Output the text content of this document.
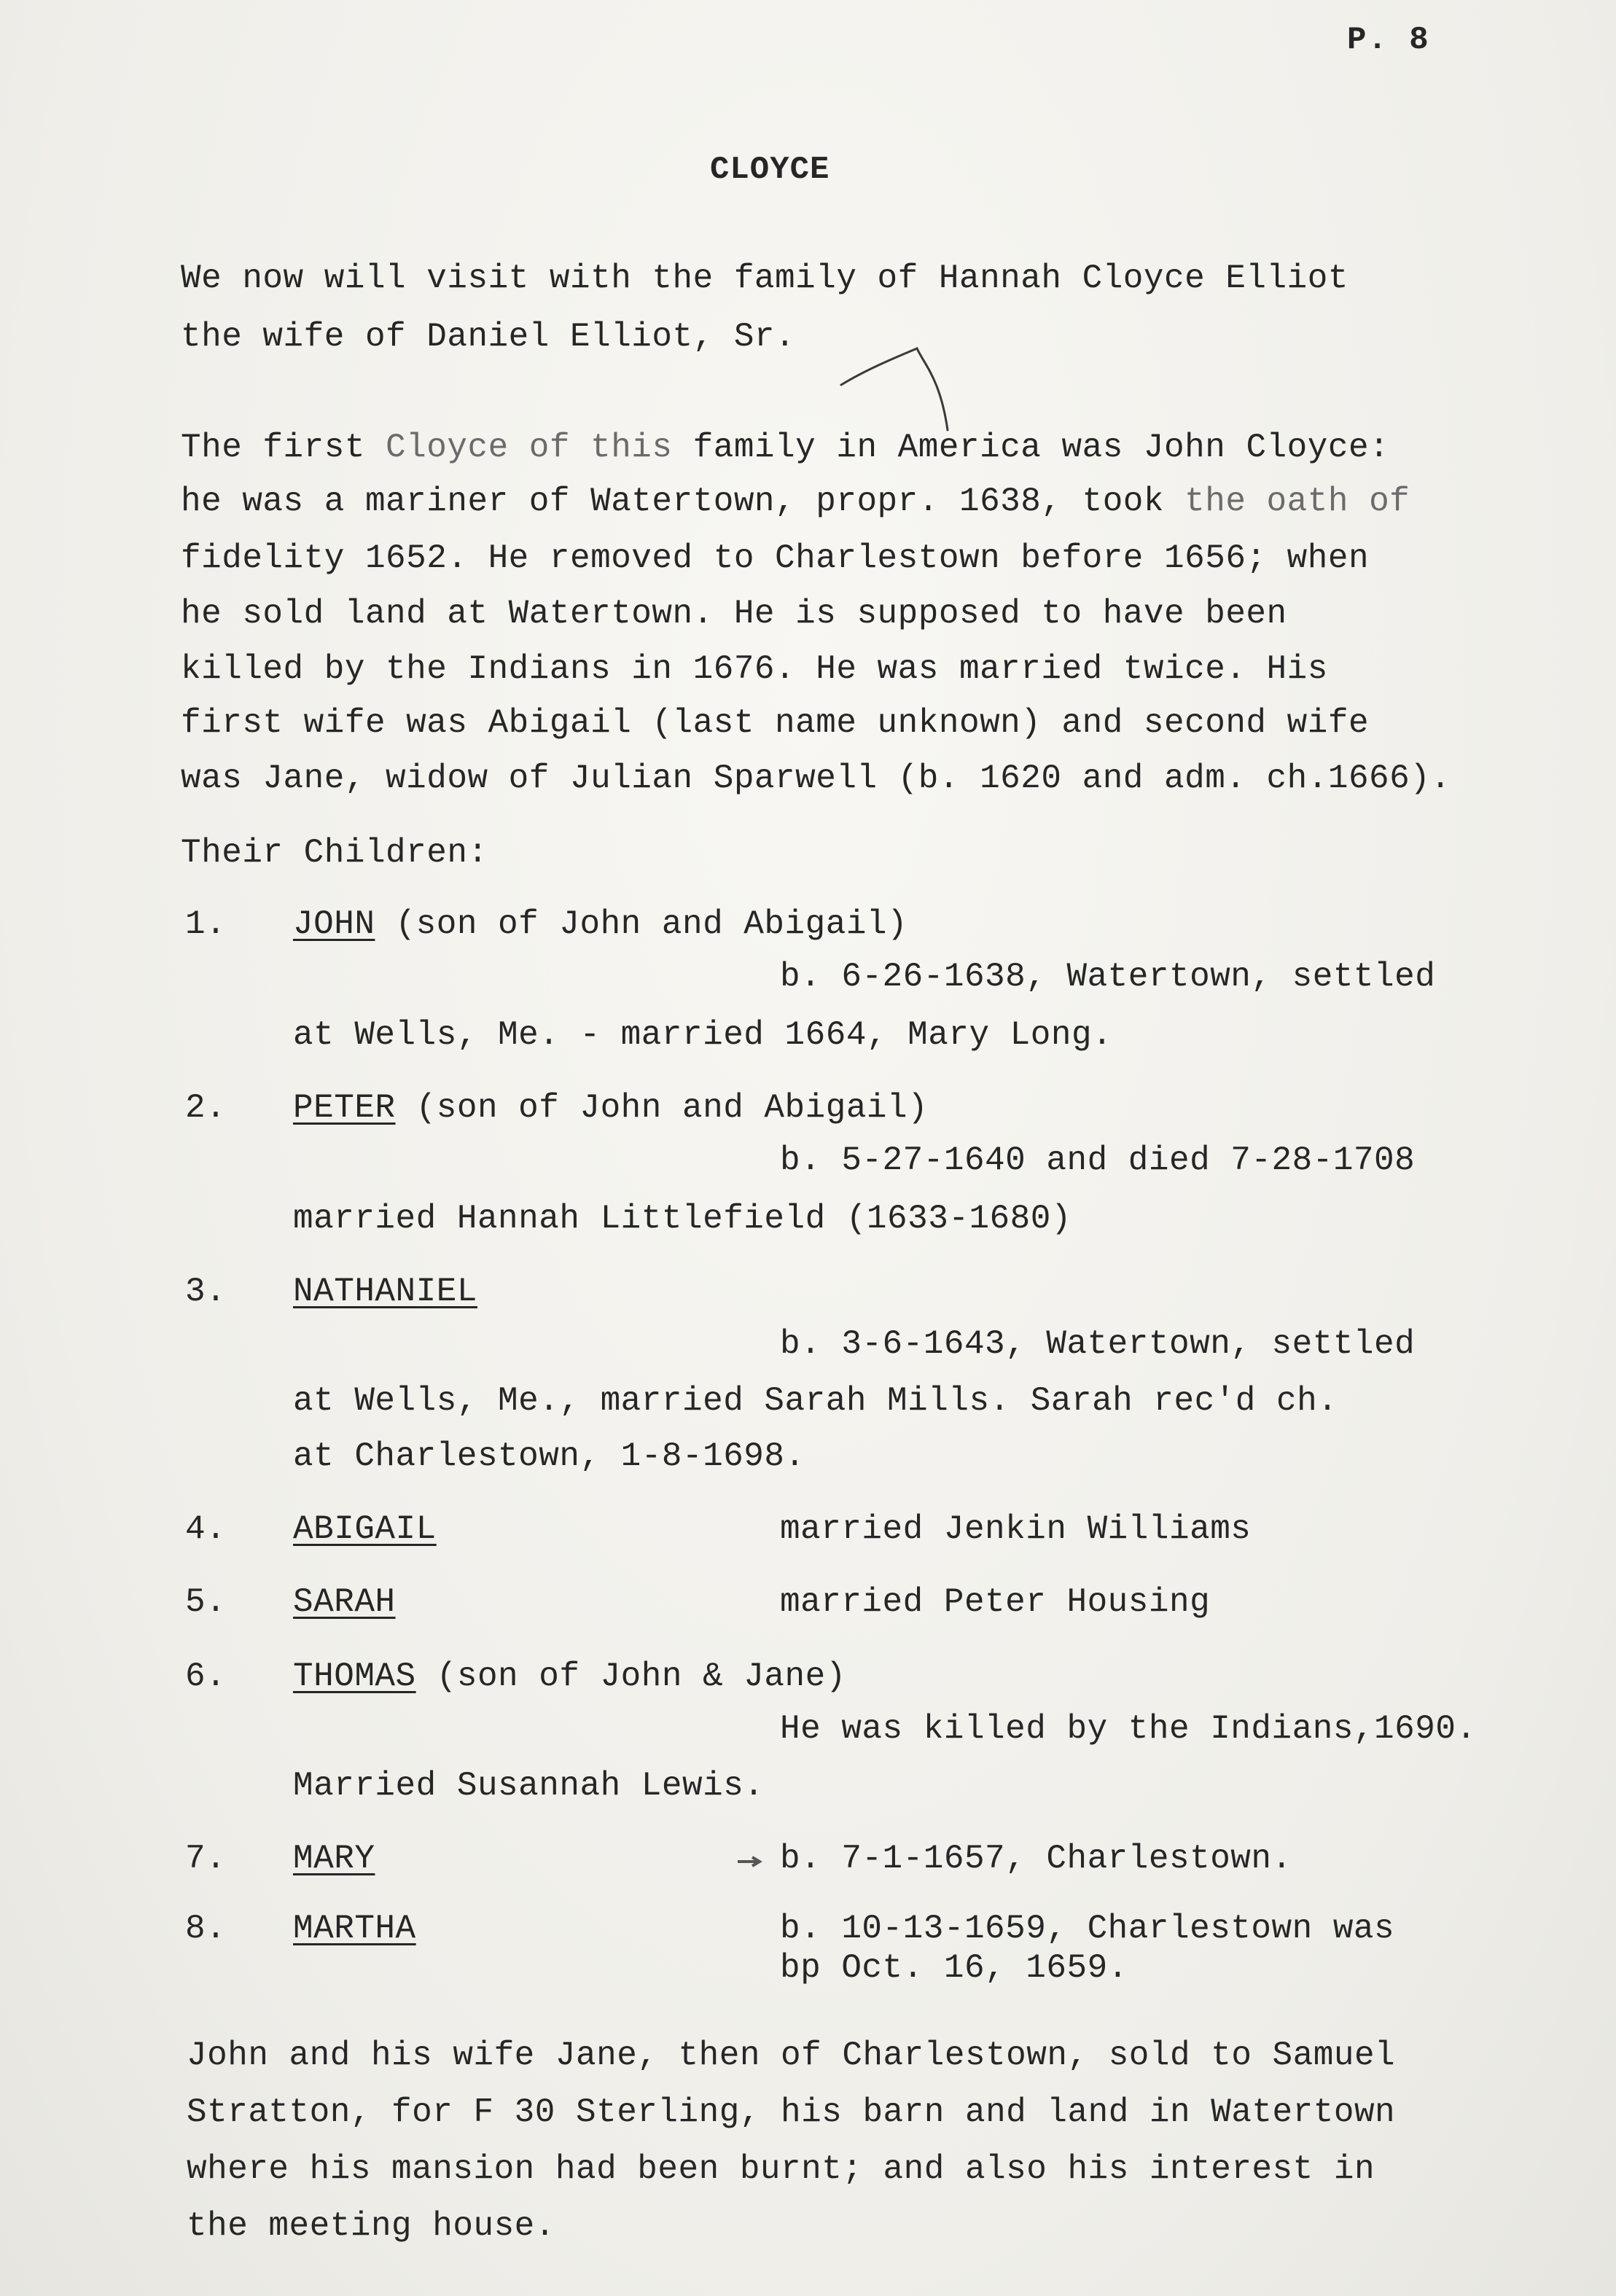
P. 8
CLOYCE
We now will visit with the family of Hannah Cloyce Elliot
the wife of Daniel Elliot, Sr.
The first Cloyce of this family in America was John Cloyce:
he was a mariner of Watertown, propr. 1638, took the oath of
fidelity 1652. He removed to Charlestown before 1656; when
he sold land at Watertown. He is supposed to have been
killed by the Indians in 1676. He was married twice. His
first wife was Abigail (last name unknown) and second wife
was Jane, widow of Julian Sparwell (b. 1620 and adm. ch.1666).
Their Children:
1. JOHN (son of John and Abigail)
b. 6-26-1638, Watertown, settled
at Wells, Me. - married 1664, Mary Long.
2. PETER (son of John and Abigail)
b. 5-27-1640 and died 7-28-1708
married Hannah Littlefield (1633-1680)
3. NATHANIEL
b. 3-6-1643, Watertown, settled
at Wells, Me., married Sarah Mills. Sarah rec'd ch.
at Charlestown, 1-8-1698.
4. ABIGAIL	married Jenkin Williams
5. SARAH	married Peter Housing
6. THOMAS (son of John & Jane)
He was killed by the Indians,1690.
Married Susannah Lewis.
7. MARY	b. 7-1-1657, Charlestown.
8. MARTHA	b. 10-13-1659, Charlestown was
bp Oct. 16, 1659.
John and his wife Jane, then of Charlestown, sold to Samuel
Stratton, for F 30 Sterling, his barn and land in Watertown
where his mansion had been burnt; and also his interest in
the meeting house.
